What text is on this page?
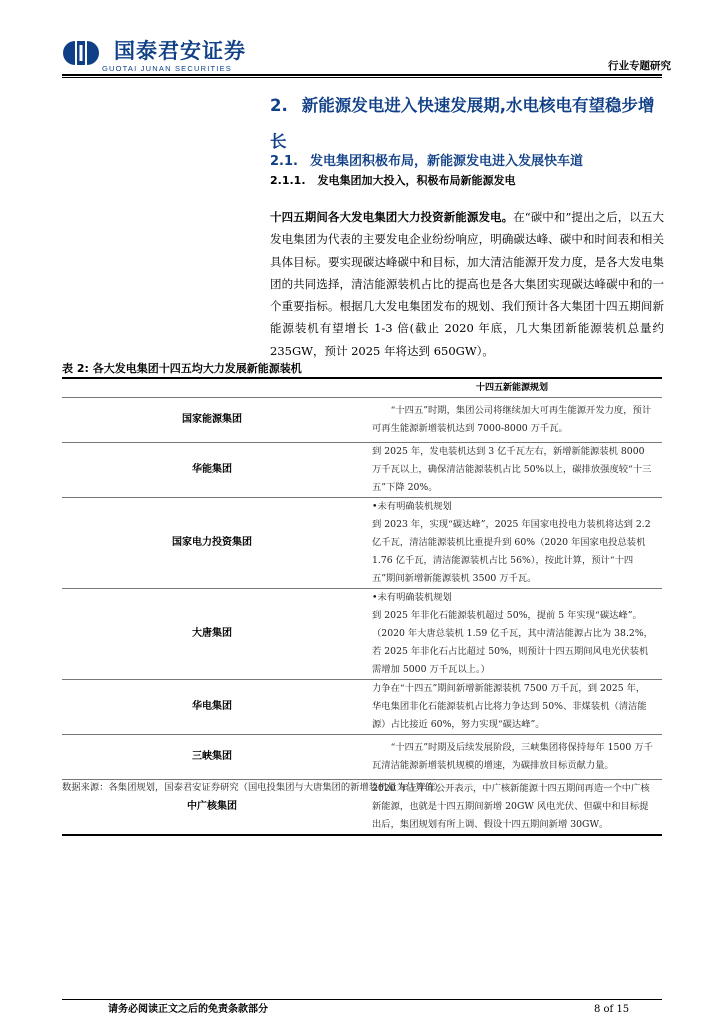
国泰君安证券
GUOTAI JUNAN SECURITIES	行业专题研究
2. 新能源发电进入快速发展期,水电核电有望稳步增长
2.1. 发电集团积极布局，新能源发电进入发展快车道
2.1.1. 发电集团加大投入，积极布局新能源发电
十四五期间各大发电集团大力投资新能源发电。在“碳中和”提出之后，以五大发电集团为代表的主要发电企业纷纷响应，明确碳达峰、碳中和时间表和相关具体目标。要实现碳达峰碳中和目标，加大清洁能源开发力度，是各大发电集团的共同选择，清洁能源装机占比的提高也是各大集团实现碳达峰碳中和的一个重要指标。根据几大发电集团发布的规划、我们预计各大集团十四五期间新能源装机有望增长 1-3 倍(截止 2020 年底，几大集团新能源装机总量约 235GW，预计 2025 年将达到 650GW）。
表 2: 各大发电集团十四五均大力发展新能源装机
	十四五新能源规划
国家能源集团	“十四五”时期，集团公司将继续加大可再生能源开发力度，预计可再生能源新增装机达到 7000-8000 万千瓦。

华能集团	到 2025 年，发电装机达到 3 亿千瓦左右，新增新能源装机 8000 万千瓦以上，确保清洁能源装机占比 50%以上，碳排放强度较“十三五”下降 20%。

国家电力投资集团	•未有明确装机规划
到 2023 年，实现“碳达峰”，2025 年国家电投电力装机将达到 2.2 亿千瓦，清洁能源装机比重提升到 60%（2020 年国家电投总装机 1.76 亿千瓦，清洁能源装机占比 56%），按此计算，预计“十四五”期间新增新能源装机 3500 万千瓦。

大唐集团	•未有明确装机规划
到 2025 年非化石能源装机超过 50%，提前 5 年实现“碳达峰”。（2020 年大唐总装机 1.59 亿千瓦，其中清洁能源占比为 38.2%，若 2025 年非化石占比超过 50%，则预计十四五期间风电光伏装机需增加 5000 万千瓦以上。）

华电集团	力争在“十四五”期间新增新能源装机 7500 万千瓦，到 2025 年，华电集团非化石能源装机占比将力争达到 50%、非煤装机（清洁能源）占比接近 60%，努力实现“碳达峰”。

三峡集团	“十四五”时期及后续发展阶段，三峡集团将保持每年 1500 万千瓦清洁能源新增装机规模的增速，为碳排放目标贡献力量。

中广核集团	2020 年上半年公开表示，中广核新能源十四五期间再造一个中广核新能源，也就是十四五期间新增 20GW 风电光伏、但碳中和目标提出后，集团规划有所上调、假设十四五期间新增 30GW。
数据来源：各集团规划，国泰君安证券研究（国电投集团与大唐集团的新增装机量为估算值）
请务必阅读正文之后的免责条款部分	8 of 15
